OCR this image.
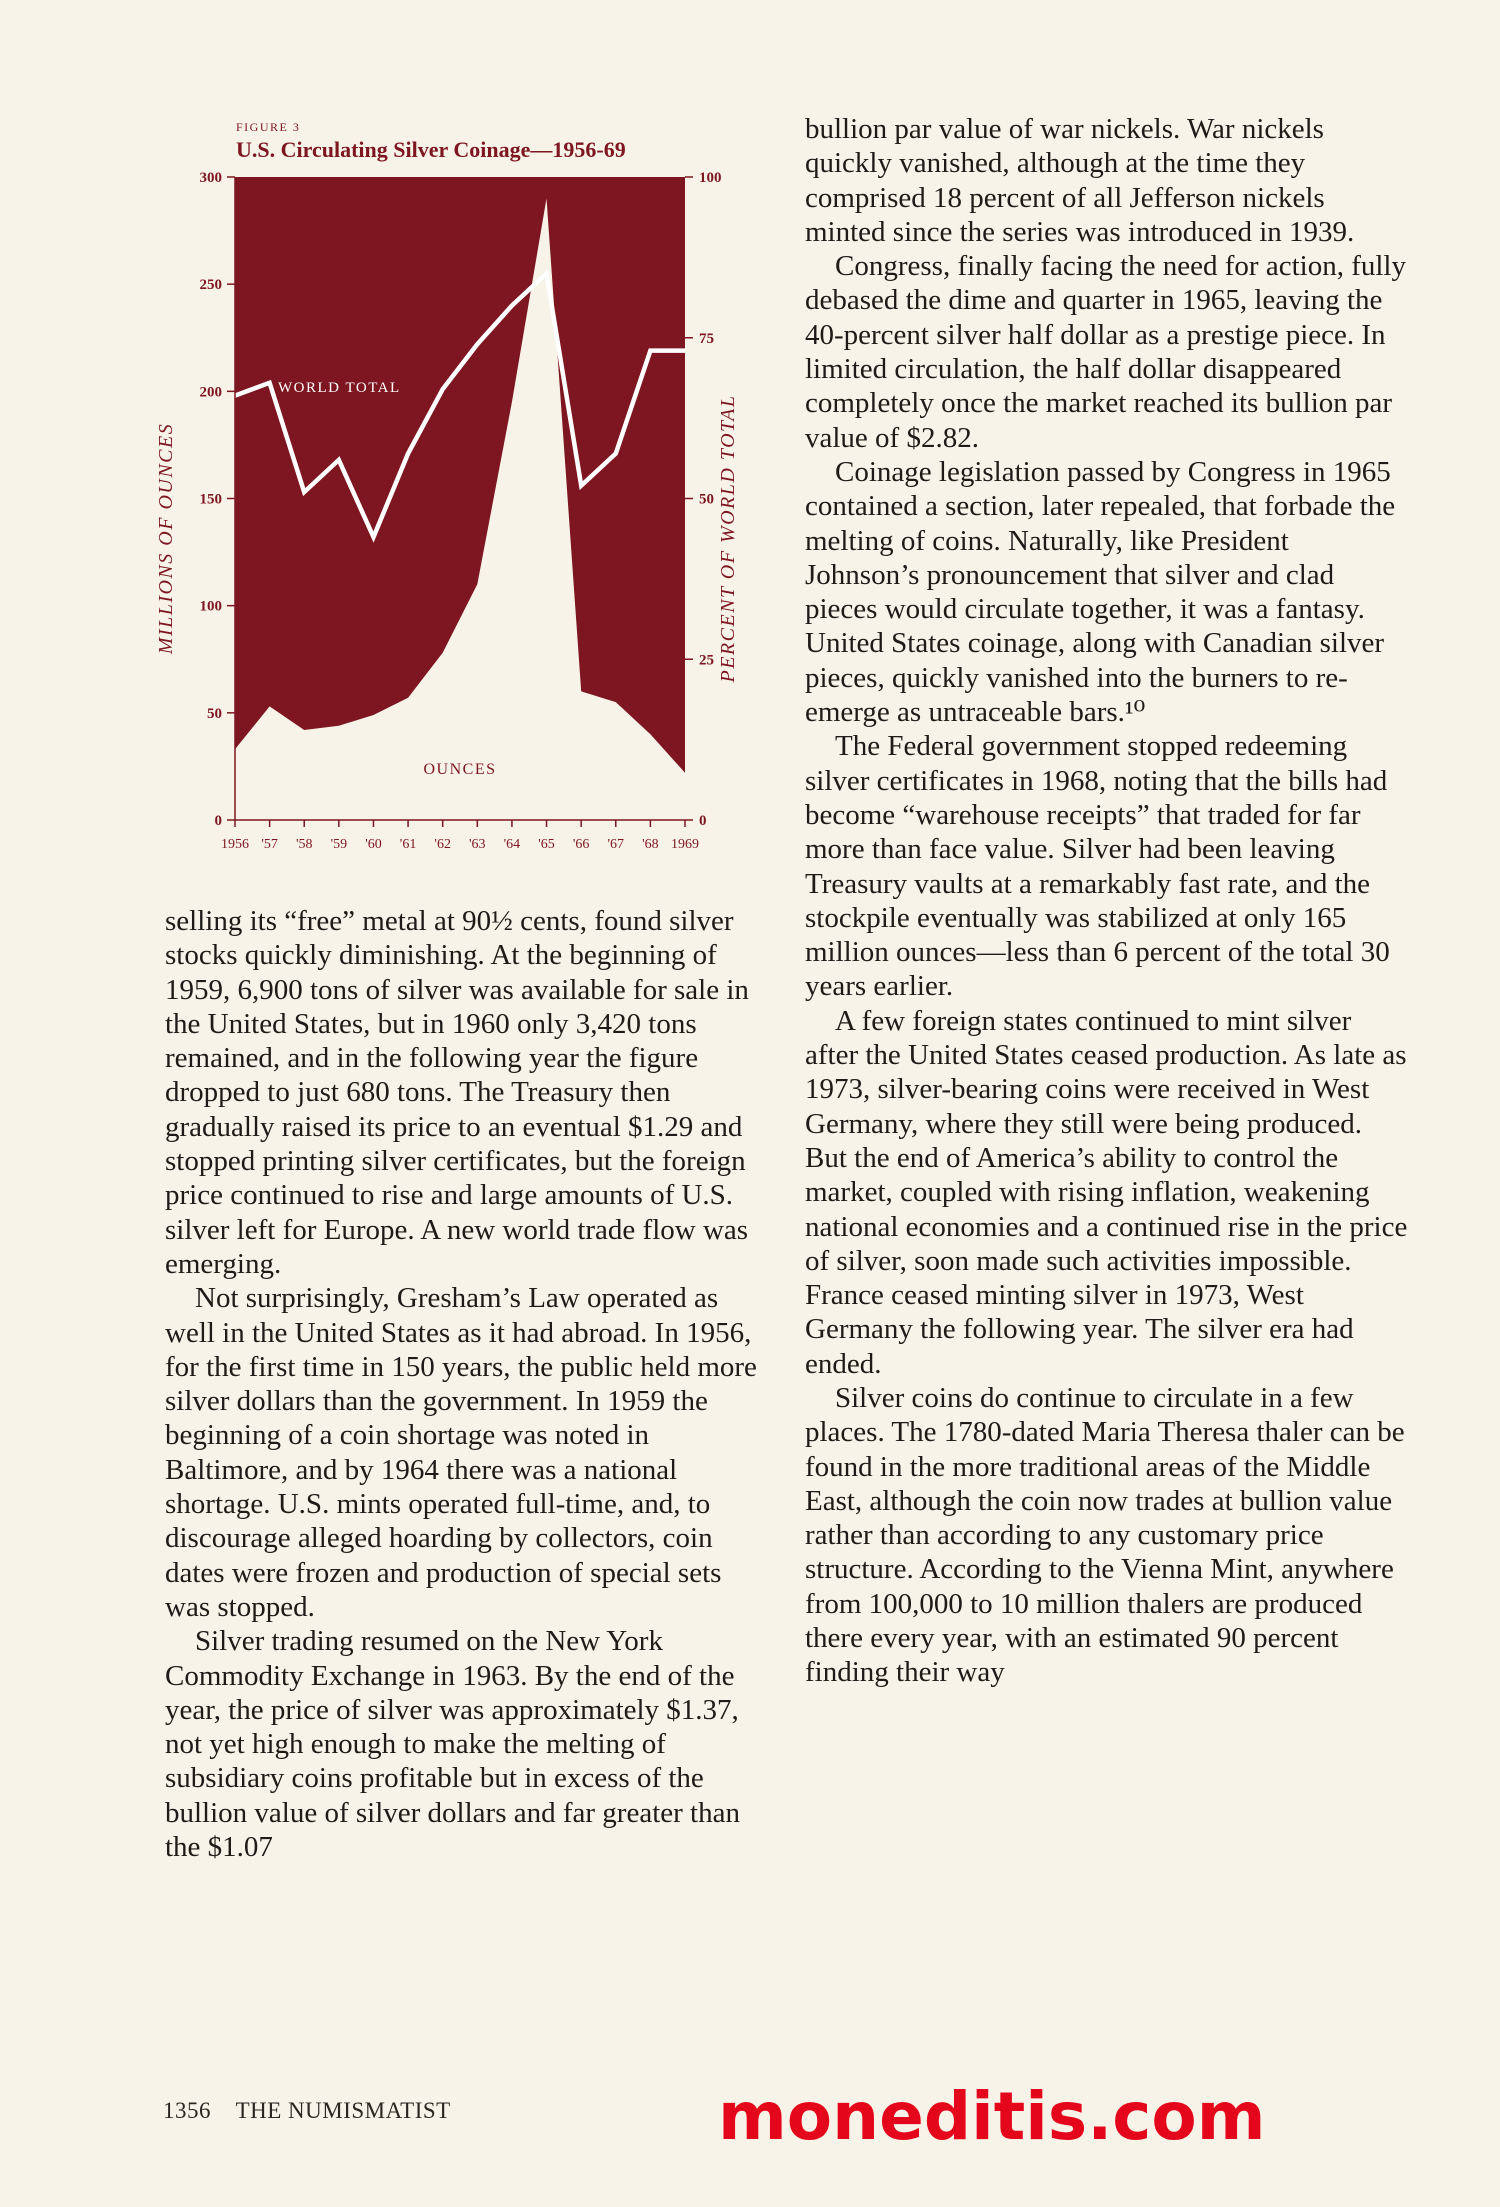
FIGURE 3
U.S. Circulating Silver Coinage—1956-69
0
50
100
150
200
250
300
0
25
50
75
100
1956 '57 '58 '59 '60 '61 '62 '63 '64 '65 '66 '67 '68 1969
MILLIONS OF OUNCES	PERCENT OF WORLD TOTAL
WORLD TOTAL
OUNCES

selling its “free” metal at 90½ cents, found silver stocks quickly diminishing. At the beginning of 1959, 6,900 tons of silver was available for sale in the United States, but in 1960 only 3,420 tons remained, and in the following year the figure dropped to just 680 tons. The Treasury then gradually raised its price to an eventual $1.29 and stopped printing silver certificates, but the foreign price continued to rise and large amounts of U.S. silver left for Europe. A new world trade flow was emerging.

Not surprisingly, Gresham’s Law operated as well in the United States as it had abroad. In 1956, for the first time in 150 years, the public held more silver dollars than the government. In 1959 the beginning of a coin shortage was noted in Baltimore, and by 1964 there was a national shortage. U.S. mints operated full-time, and, to discourage alleged hoarding by collectors, coin dates were frozen and production of special sets was stopped.

Silver trading resumed on the New York Commodity Exchange in 1963. By the end of the year, the price of silver was approximately $1.37, not yet high enough to make the melting of subsidiary coins profitable but in excess of the bullion value of silver dollars and far greater than the $1.07

bullion par value of war nickels. War nickels quickly vanished, although at the time they comprised 18 percent of all Jefferson nickels minted since the series was introduced in 1939.

Congress, finally facing the need for action, fully debased the dime and quarter in 1965, leaving the 40-percent silver half dollar as a prestige piece. In limited circulation, the half dollar disappeared completely once the market reached its bullion par value of $2.82.

Coinage legislation passed by Congress in 1965 contained a section, later repealed, that forbade the melting of coins. Naturally, like President Johnson’s pronouncement that silver and clad pieces would circulate together, it was a fantasy. United States coinage, along with Canadian silver pieces, quickly vanished into the burners to re-emerge as untraceable bars.¹⁰

The Federal government stopped redeeming silver certificates in 1968, noting that the bills had become “warehouse receipts” that traded for far more than face value. Silver had been leaving Treasury vaults at a remarkably fast rate, and the stockpile eventually was stabilized at only 165 million ounces—less than 6 percent of the total 30 years earlier.

A few foreign states continued to mint silver after the United States ceased production. As late as 1973, silver-bearing coins were received in West Germany, where they still were being produced. But the end of America’s ability to control the market, coupled with rising inflation, weakening national economies and a continued rise in the price of silver, soon made such activities impossible. France ceased minting silver in 1973, West Germany the following year. The silver era had ended.

Silver coins do continue to circulate in a few places. The 1780-dated Maria Theresa thaler can be found in the more traditional areas of the Middle East, although the coin now trades at bullion value rather than according to any customary price structure. According to the Vienna Mint, anywhere from 100,000 to 10 million thalers are produced there every year, with an estimated 90 percent finding their way

1356 THE NUMISMATIST	moneditis.com
